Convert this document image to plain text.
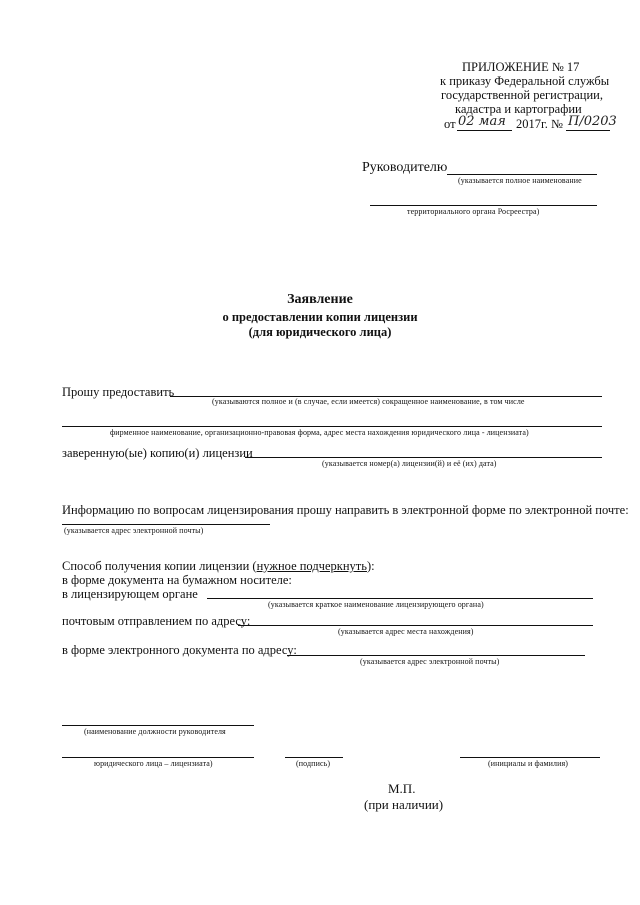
ПРИЛОЖЕНИЕ № 17
к приказу Федеральной службы
государственной регистрации,
кадастра и картографии
от 02 мая 2017г. № П/0203
Руководителю
(указывается полное наименование
территориального органа Росреестра)
Заявление
о предоставлении копии лицензии
(для юридического лица)
Прошу предоставить
(указываются полное и (в случае, если имеется) сокращенное наименование, в том числе
фирменное наименование, организационно-правовая форма, адрес места нахождения юридического лица - лицензиата)
заверенную(ые) копию(и) лицензии
(указывается номер(а) лицензии(й) и её (их) дата)
Информацию по вопросам лицензирования прошу направить в электронной форме по электронной почте:
(указывается адрес электронной почты)
Способ получения копии лицензии (нужное подчеркнуть):
в форме документа на бумажном носителе:
в лицензирующем органе
(указывается краткое наименование лицензирующего органа)
почтовым отправлением по адресу:
(указывается адрес места нахождения)
в форме электронного документа по адресу:
(указывается адрес электронной почты)
(наименование должности руководителя
юридического лица – лицензиата)	(подпись)	(инициалы и фамилия)
М.П.
(при наличии)
